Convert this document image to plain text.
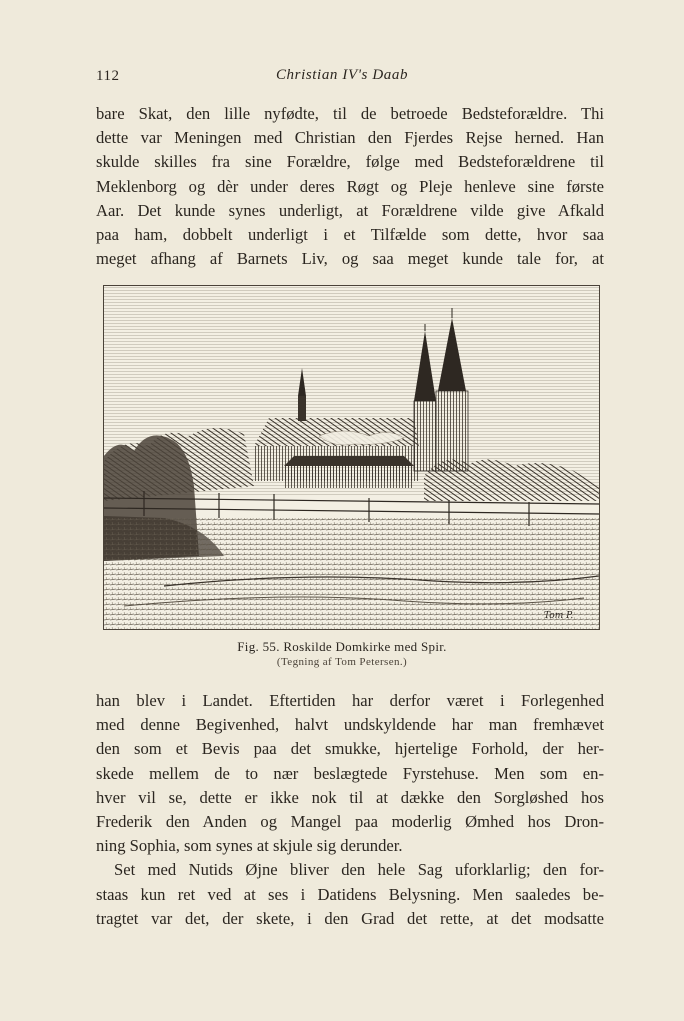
112	Christian IV's Daab
bare Skat, den lille nyfødte, til de betroede Bedsteforældre. Thi
dette var Meningen med Christian den Fjerdes Rejse herned. Han
skulde skilles fra sine Forældre, følge med Bedsteforældrene til
Meklenborg og dèr under deres Røgt og Pleje henleve sine første
Aar. Det kunde synes underligt, at Forældrene vilde give Afkald
paa ham, dobbelt underligt i et Tilfælde som dette, hvor saa
meget afhang af Barnets Liv, og saa meget kunde tale for, at
Tom P.
Fig. 55. Roskilde Domkirke med Spir.
(Tegning af Tom Petersen.)
han blev i Landet. Eftertiden har derfor været i Forlegenhed
med denne Begivenhed, halvt undskyldende har man fremhævet
den som et Bevis paa det smukke, hjertelige Forhold, der her-
skede mellem de to nær beslægtede Fyrstehuse. Men som en-
hver vil se, dette er ikke nok til at dække den Sorgløshed hos
Frederik den Anden og Mangel paa moderlig Ømhed hos Dron-
ning Sophia, som synes at skjule sig derunder.
Set med Nutids Øjne bliver den hele Sag uforklarlig; den for-
staas kun ret ved at ses i Datidens Belysning. Men saaledes be-
tragtet var det, der skete, i den Grad det rette, at det modsatte
